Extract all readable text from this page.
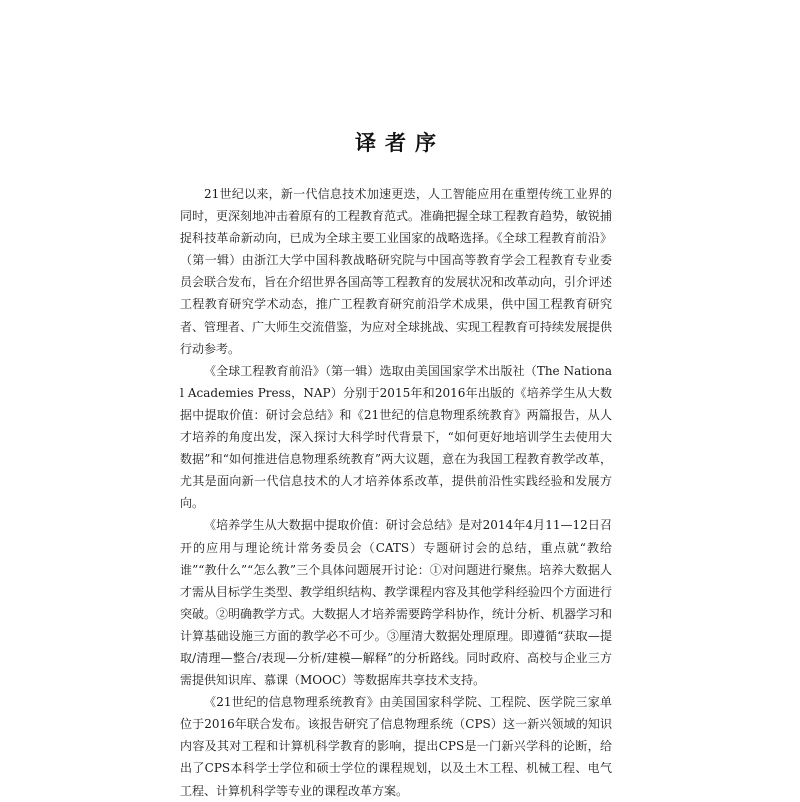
译者序

21世纪以来，新一代信息技术加速更迭，人工智能应用在重塑传统工业界的同时，更深刻地冲击着原有的工程教育范式。准确把握全球工程教育趋势，敏锐捕捉科技革命新动向，已成为全球主要工业国家的战略选择。《全球工程教育前沿》（第一辑）由浙江大学中国科教战略研究院与中国高等教育学会工程教育专业委员会联合发布，旨在介绍世界各国高等工程教育的发展状况和改革动向，引介评述工程教育研究学术动态，推广工程教育研究前沿学术成果，供中国工程教育研究者、管理者、广大师生交流借鉴，为应对全球挑战、实现工程教育可持续发展提供行动参考。

《全球工程教育前沿》（第一辑）选取由美国国家学术出版社（The National Academies Press，NAP）分别于2015年和2016年出版的《培养学生从大数据中提取价值：研讨会总结》和《21世纪的信息物理系统教育》两篇报告，从人才培养的角度出发，深入探讨大科学时代背景下，“如何更好地培训学生去使用大数据”和“如何推进信息物理系统教育”两大议题，意在为我国工程教育教学改革，尤其是面向新一代信息技术的人才培养体系改革，提供前沿性实践经验和发展方向。

《培养学生从大数据中提取价值：研讨会总结》是对2014年4月11—12日召开的应用与理论统计常务委员会（CATS）专题研讨会的总结，重点就“教给谁”“教什么”“怎么教”三个具体问题展开讨论：①对问题进行聚焦。培养大数据人才需从目标学生类型、教学组织结构、教学课程内容及其他学科经验四个方面进行突破。②明确教学方式。大数据人才培养需要跨学科协作，统计分析、机器学习和计算基础设施三方面的教学必不可少。③厘清大数据处理原理。即遵循“获取—提取/清理—整合/表现—分析/建模—解释”的分析路线。同时政府、高校与企业三方需提供知识库、慕课（MOOC）等数据库共享技术支持。

《21世纪的信息物理系统教育》由美国国家科学院、工程院、医学院三家单位于2016年联合发布。该报告研究了信息物理系统（CPS）这一新兴领域的知识内容及其对工程和计算机科学教育的影响，提出CPS是一门新兴学科的论断，给出了CPS本科学士学位和硕士学位的课程规划，以及土木工程、机械工程、电气工程、计算机科学等专业的课程改革方案。
